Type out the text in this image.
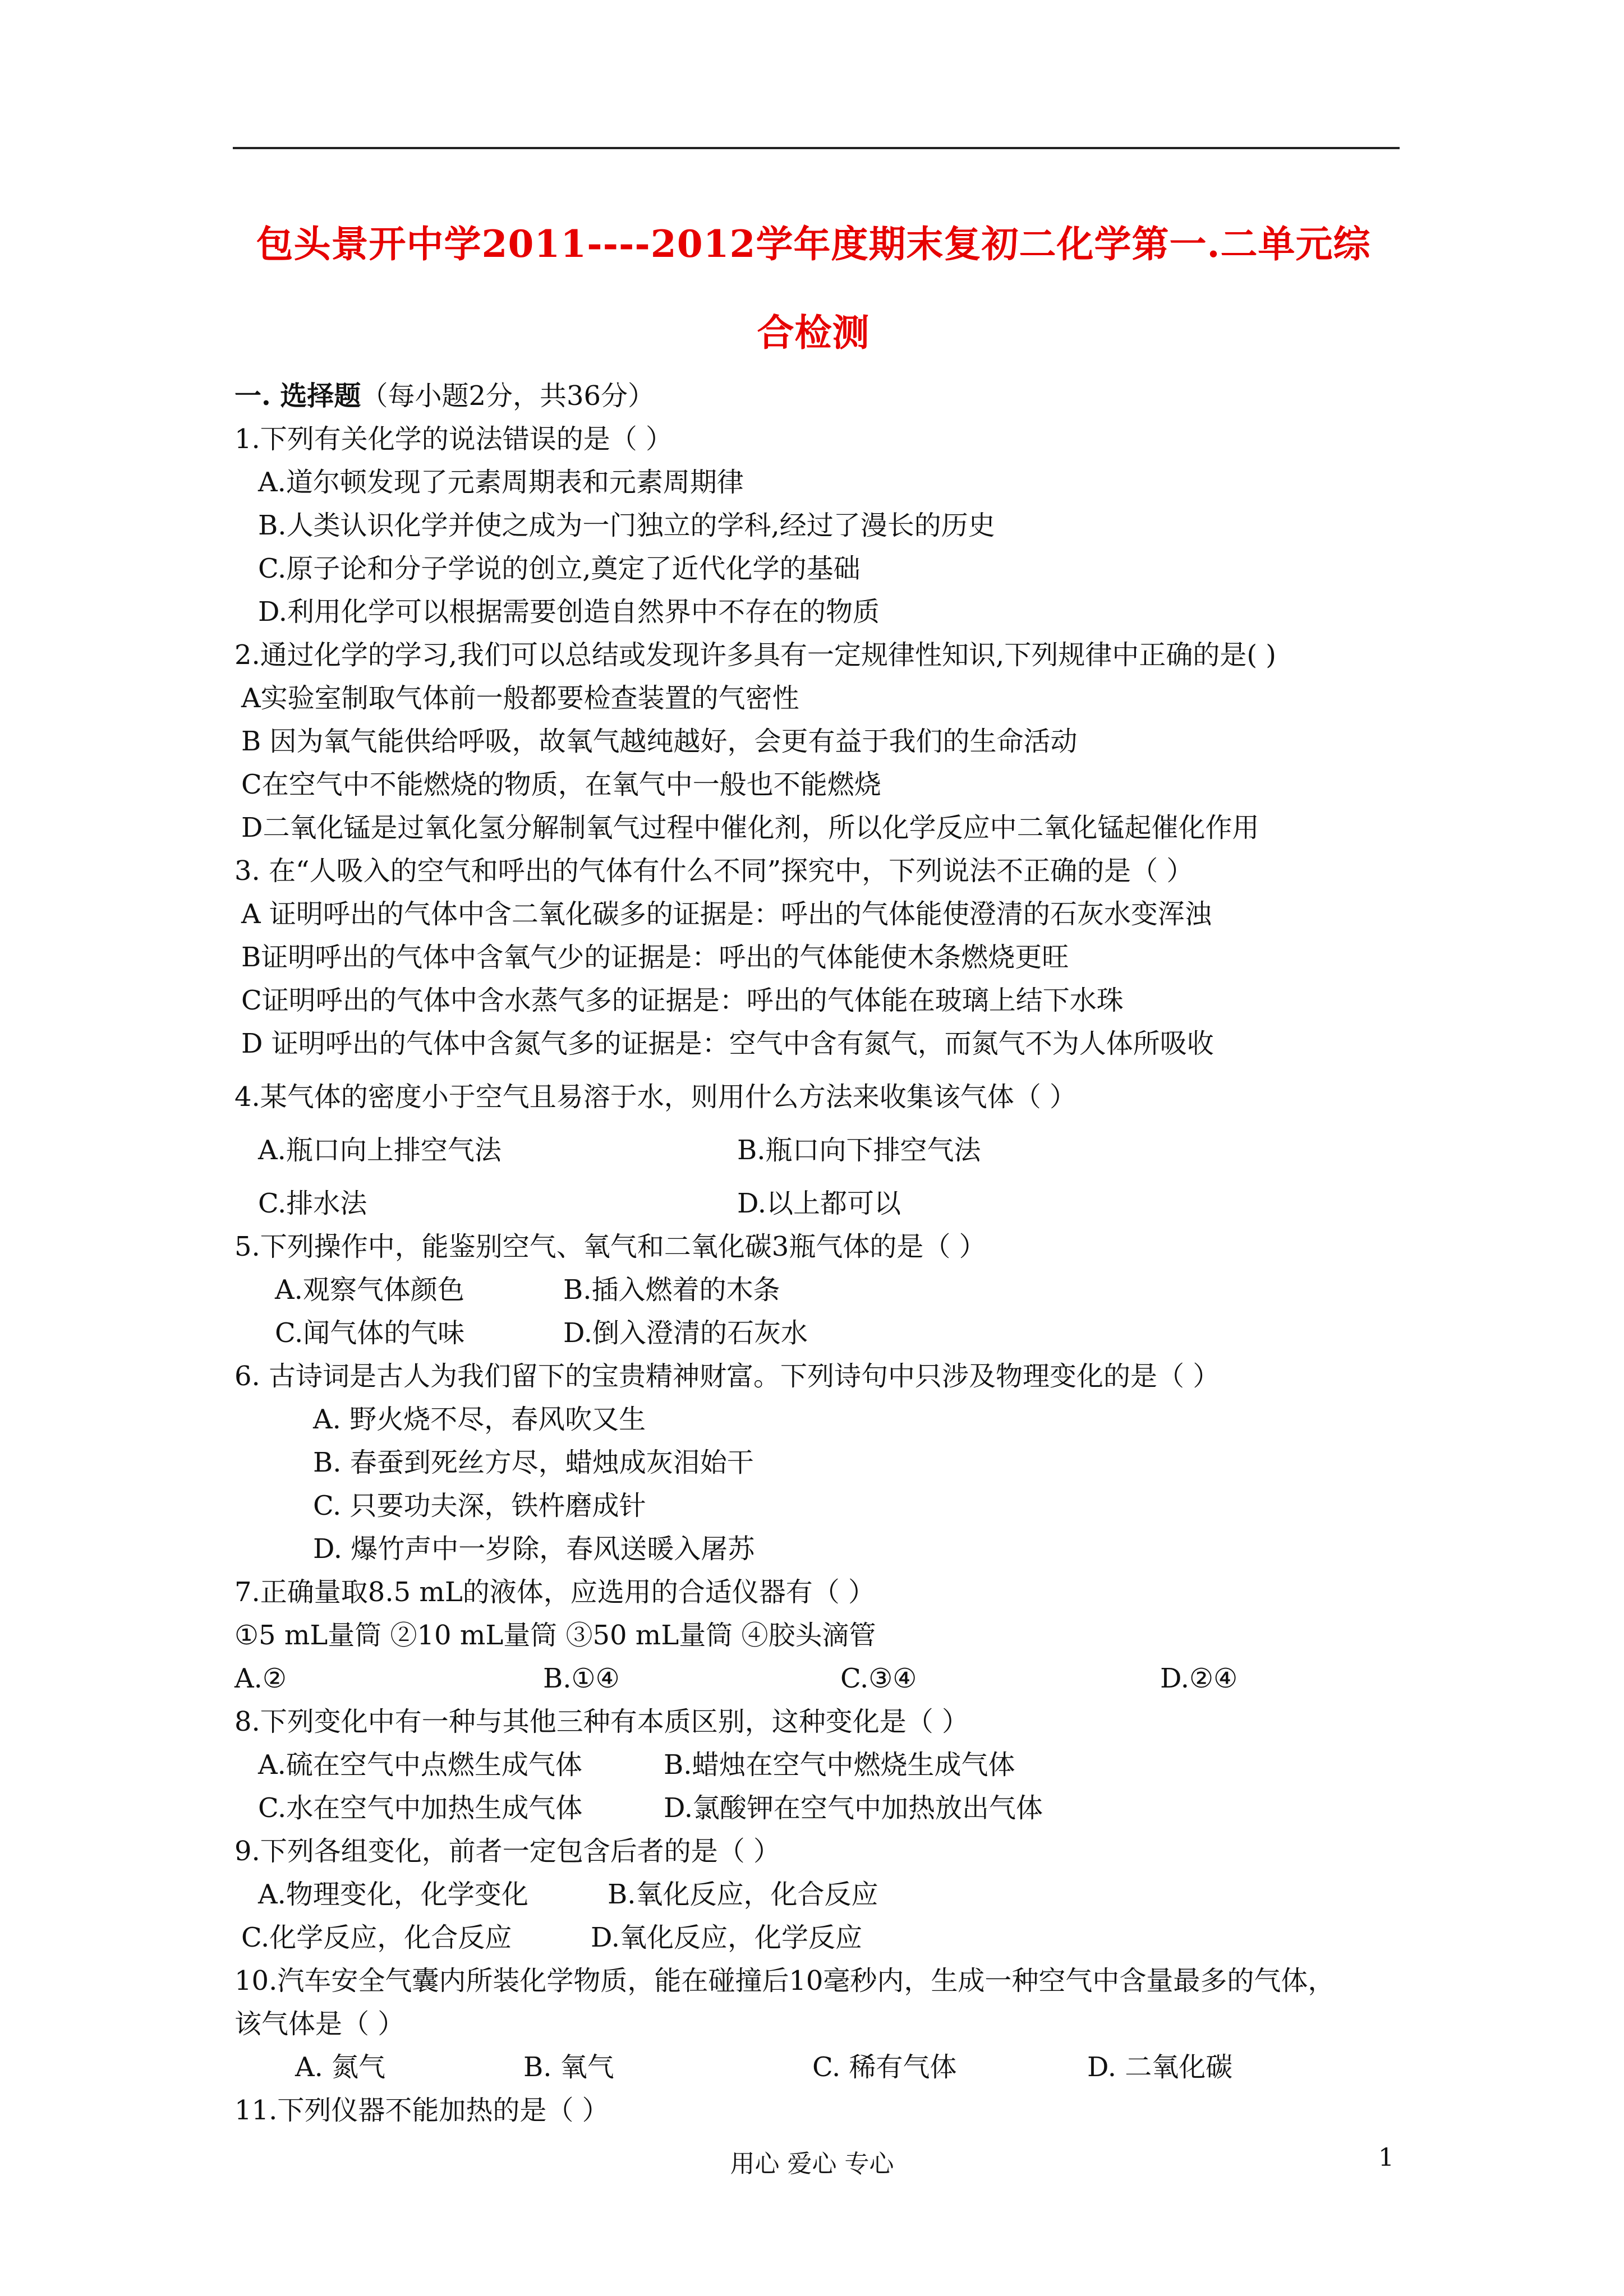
包头景开中学2011----2012学年度期末复初二化学第一.二单元综
合检测
一. 选择题（每小题2分，共36分）
1.下列有关化学的说法错误的是（ ）
A.道尔顿发现了元素周期表和元素周期律
B.人类认识化学并使之成为一门独立的学科,经过了漫长的历史
C.原子论和分子学说的创立,奠定了近代化学的基础
D.利用化学可以根据需要创造自然界中不存在的物质
2.通过化学的学习,我们可以总结或发现许多具有一定规律性知识,下列规律中正确的是( )
A实验室制取气体前一般都要检查装置的气密性
B 因为氧气能供给呼吸，故氧气越纯越好，会更有益于我们的生命活动
C在空气中不能燃烧的物质，在氧气中一般也不能燃烧
D二氧化锰是过氧化氢分解制氧气过程中催化剂，所以化学反应中二氧化锰起催化作用
3. 在“人吸入的空气和呼出的气体有什么不同”探究中，下列说法不正确的是（ ）
A 证明呼出的气体中含二氧化碳多的证据是：呼出的气体能使澄清的石灰水变浑浊
B证明呼出的气体中含氧气少的证据是：呼出的气体能使木条燃烧更旺
C证明呼出的气体中含水蒸气多的证据是：呼出的气体能在玻璃上结下水珠
D 证明呼出的气体中含氮气多的证据是：空气中含有氮气，而氮气不为人体所吸收
4.某气体的密度小于空气且易溶于水，则用什么方法来收集该气体（ ）
A.瓶口向上排空气法	B.瓶口向下排空气法
C.排水法	D.以上都可以
5.下列操作中，能鉴别空气、氧气和二氧化碳3瓶气体的是（ ）
A.观察气体颜色	B.插入燃着的木条
C.闻气体的气味	D.倒入澄清的石灰水
6. 古诗词是古人为我们留下的宝贵精神财富。下列诗句中只涉及物理变化的是（ ）
A. 野火烧不尽，春风吹又生
B. 春蚕到死丝方尽，蜡烛成灰泪始干
C. 只要功夫深，铁杵磨成针
D. 爆竹声中一岁除，春风送暖入屠苏
7.正确量取8.5 mL的液体，应选用的合适仪器有（ ）
①5 mL量筒 ②10 mL量筒 ③50 mL量筒 ④胶头滴管
A.②	B.①④	C.③④	D.②④
8.下列变化中有一种与其他三种有本质区别，这种变化是（ ）
A.硫在空气中点燃生成气体	B.蜡烛在空气中燃烧生成气体
C.水在空气中加热生成气体	D.氯酸钾在空气中加热放出气体
9.下列各组变化，前者一定包含后者的是（ ）
A.物理变化，化学变化	B.氧化反应，化合反应
C.化学反应，化合反应	D.氧化反应，化学反应
10.汽车安全气囊内所装化学物质，能在碰撞后10毫秒内，生成一种空气中含量最多的气体，
该气体是（ ）
A. 氮气	B. 氧气	C. 稀有气体	D. 二氧化碳
11.下列仪器不能加热的是（ ）
用心 爱心 专心	1
